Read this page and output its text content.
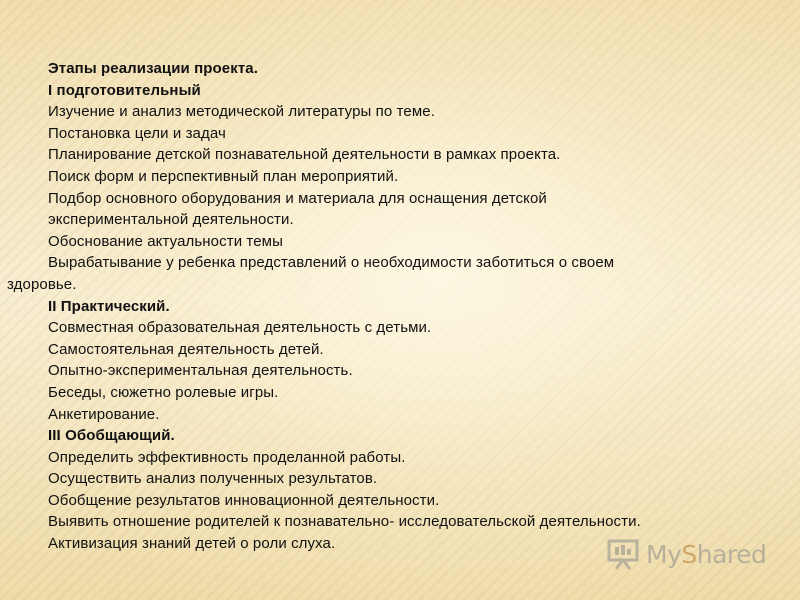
Этапы реализации проекта.
I подготовительный
Изучение и анализ методической литературы по теме.
Постановка цели и задач
Планирование детской познавательной деятельности в рамках проекта.
Поиск форм и перспективный план мероприятий.
Подбор основного оборудования и материала для оснащения детской
экспериментальной деятельности.
Обоснование актуальности темы
Вырабатывание у ребенка представлений о необходимости заботиться о своем
здоровье.
II Практический.
Совместная образовательная деятельность с детьми.
Самостоятельная деятельность детей.
Опытно-экспериментальная деятельность.
Беседы, сюжетно ролевые игры.
Анкетирование.
III Обобщающий.
Определить эффективность проделанной работы.
Осуществить анализ полученных результатов.
Обобщение результатов инновационной деятельности.
Выявить отношение родителей к познавательно- исследовательской деятельности.
Активизация знаний детей о роли слуха.	MyShared
